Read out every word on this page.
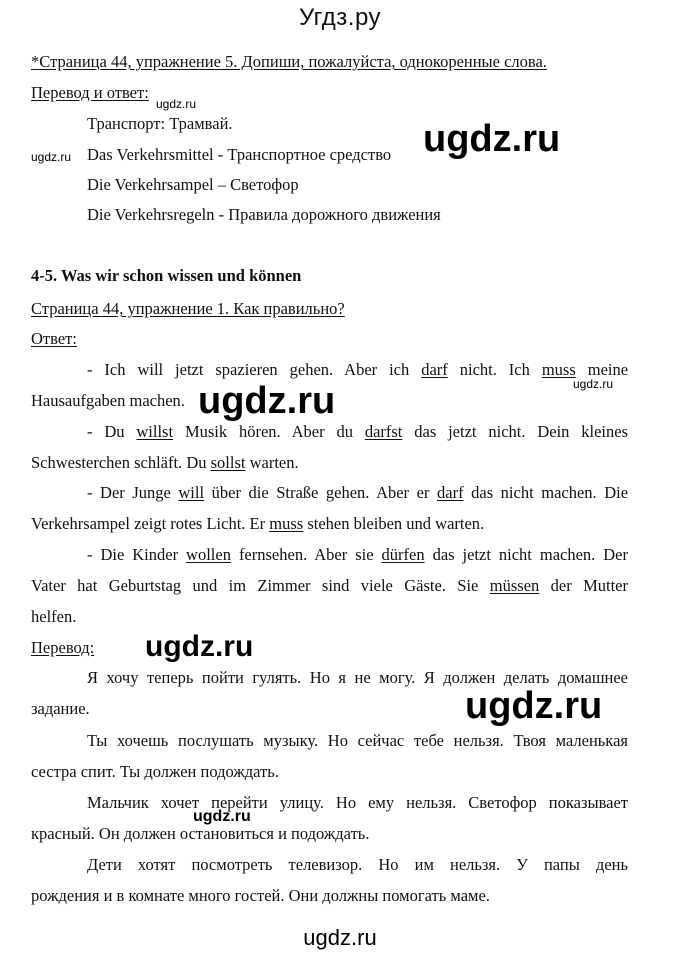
Угдз.ру
*Страница 44, упражнение 5. Допиши, пожалуйста, однокоренные слова.
Перевод и ответ:
ugdz.ru
Транспорт: Трамвай.
ugdz.ru Das Verkehrsmittel - Транспортное средство ugdz.ru
Die Verkehrsampel – Светофор
Die Verkehrsregeln - Правила дорожного движения
4-5. Was wir schon wissen und können
Страница 44, упражнение 1. Как правильно?
Ответ:
- Ich will jetzt spazieren gehen. Aber ich darf nicht. Ich muss meine
ugdz.ru
Hausaufgaben machen. ugdz.ru
- Du willst Musik hören. Aber du darfst das jetzt nicht. Dein kleines
Schwesterchen schläft. Du sollst warten.
- Der Junge will über die Straße gehen. Aber er darf das nicht machen. Die
Verkehrsampel zeigt rotes Licht. Er muss stehen bleiben und warten.
- Die Kinder wollen fernsehen. Aber sie dürfen das jetzt nicht machen. Der
Vater hat Geburtstag und im Zimmer sind viele Gäste. Sie müssen der Mutter
helfen.
Перевод: ugdz.ru
Я хочу теперь пойти гулять. Но я не могу. Я должен делать домашнее
задание.	ugdz.ru
Ты хочешь послушать музыку. Но сейчас тебе нельзя. Твоя маленькая
сестра спит. Ты должен подождать.
Мальчик хочет перейти улицу. Но ему нельзя. Светофор показывает
ugdz.ru
красный. Он должен остановиться и подождать.
Дети хотят посмотреть телевизор. Но им нельзя. У папы день
рождения и в комнате много гостей. Они должны помогать маме.
ugdz.ru
